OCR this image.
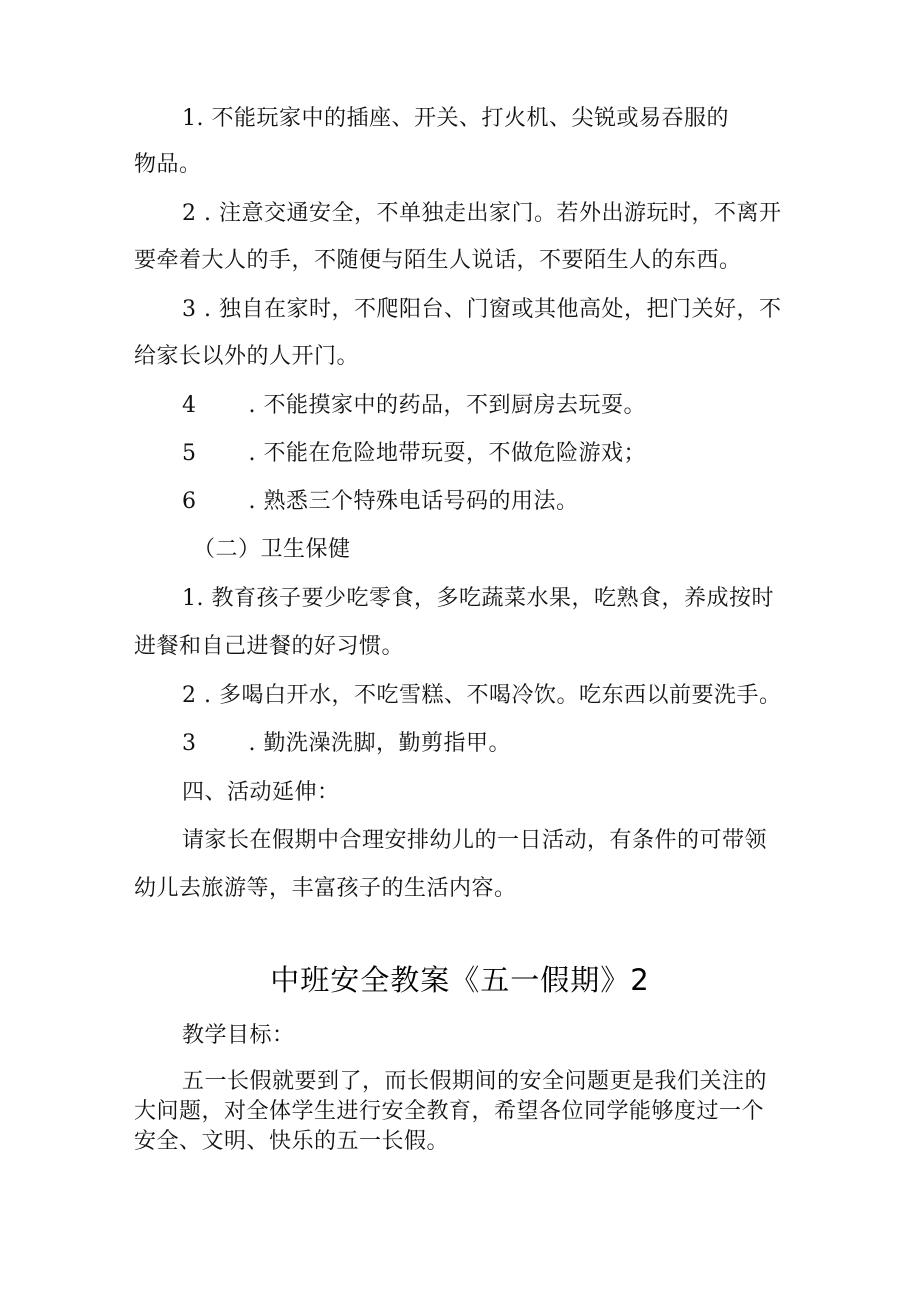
1. 不能玩家中的插座、开关、打火机、尖锐或易吞服的
物品。
2 . 注意交通安全，不单独走出家门。若外出游玩时，不离开
要牵着大人的手，不随便与陌生人说话，不要陌生人的东西。
3 . 独自在家时，不爬阳台、门窗或其他高处，把门关好，不
给家长以外的人开门。
4 . 不能摸家中的药品，不到厨房去玩耍。
5 . 不能在危险地带玩耍，不做危险游戏；
6 . 熟悉三个特殊电话号码的用法。
（二）卫生保健
1. 教育孩子要少吃零食，多吃蔬菜水果，吃熟食，养成按时
进餐和自己进餐的好习惯。
2 . 多喝白开水，不吃雪糕、不喝冷饮。吃东西以前要洗手。
3 . 勤洗澡洗脚，勤剪指甲。
四、活动延伸：
请家长在假期中合理安排幼儿的一日活动，有条件的可带领
幼儿去旅游等，丰富孩子的生活内容。
中班安全教案《五一假期》2
教学目标：
五一长假就要到了，而长假期间的安全问题更是我们关注的
大问题，对全体学生进行安全教育，希望各位同学能够度过一个
安全、文明、快乐的五一长假。
